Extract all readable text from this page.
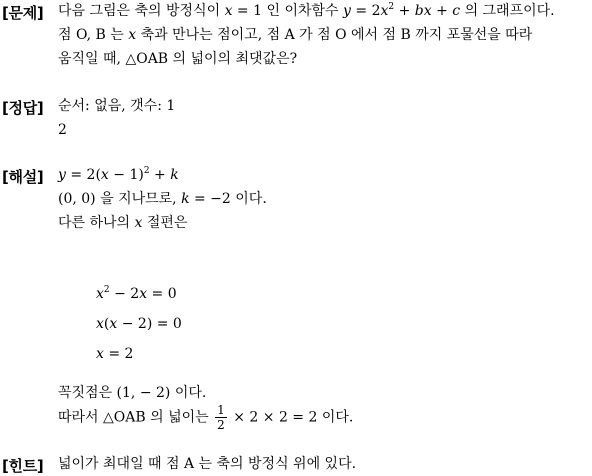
[문제] 다음 그림은 축의 방정식이 x = 1 인 이차함수 $y = 2x^2$ + bx + c 의 그래프이다.
점 O, B 는 x 축과 만나는 점이고, 점 A 가 점 O 에서 점 B 까지 포물선을 따라
움직일 때, △OAB 의 넓이의 최댓값은?
[정답] 순서: 없음, 갯수: 1
2
[해설] $y = 2(x - 1)^2 + k$
(0, 0) 을 지나므로, k = −2 이다.
다른 하나의 x 절편은
$x^2 - 2x = 0$
x(x − 2) = 0
x = 2
꼭짓점은 (1, − 2) 이다.
따라서 △OAB 의 넓이는 $\frac{1}{2} \times 2 \times 2 = 2$ 이다.
[힌트] 넓이가 최대일 때 점 A 는 축의 방정식 위에 있다.
